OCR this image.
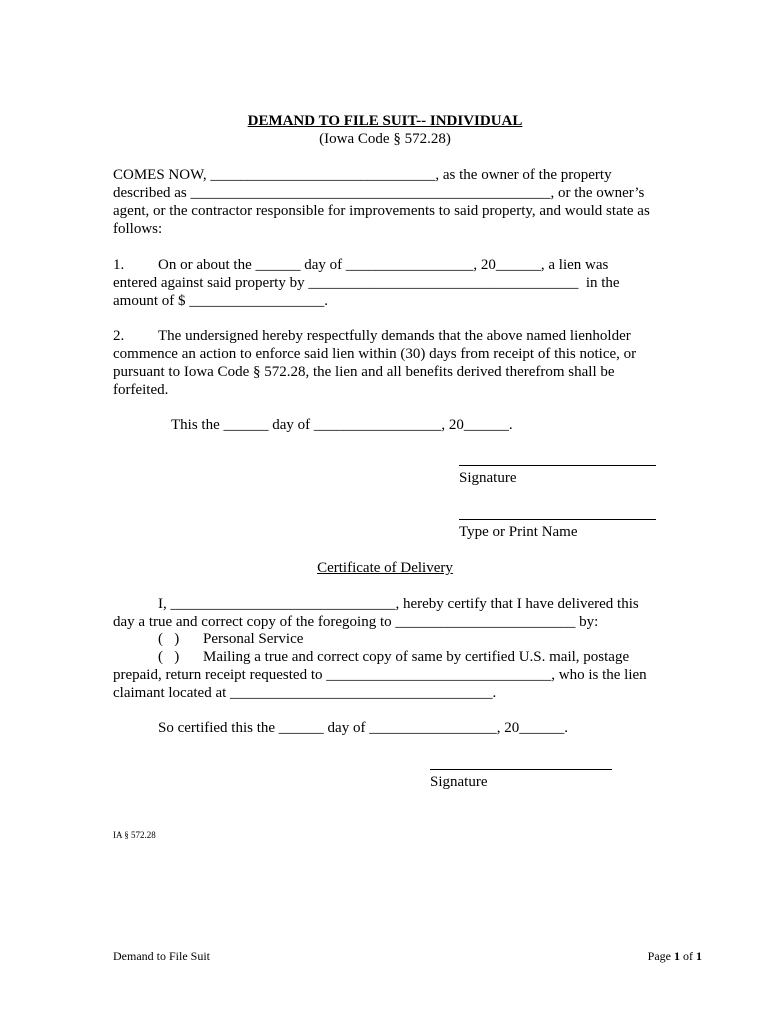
DEMAND TO FILE SUIT-- INDIVIDUAL
(Iowa Code § 572.28)
COMES NOW, ______________________________, as the owner of the property
described as ________________________________________________, or the owner’s
agent, or the contractor responsible for improvements to said property, and would state as
follows:
1. On or about the ______ day of _________________, 20______, a lien was
entered against said property by ____________________________________  in the
amount of $ __________________.
2. The undersigned hereby respectfully demands that the above named lienholder
commence an action to enforce said lien within (30) days from receipt of this notice, or
pursuant to Iowa Code § 572.28, the lien and all benefits derived therefrom shall be
forfeited.
This the ______ day of _________________, 20______.
Signature
Type or Print Name
Certificate of Delivery
I, ______________________________, hereby certify that I have delivered this
day a true and correct copy of the foregoing to ________________________ by:
(   ) Personal Service
(   ) Mailing a true and correct copy of same by certified U.S. mail, postage
prepaid, return receipt requested to ______________________________, who is the lien
claimant located at ___________________________________.
So certified this the ______ day of _________________, 20______.
Signature
IA § 572.28
Demand to File Suit	Page 1 of 1
